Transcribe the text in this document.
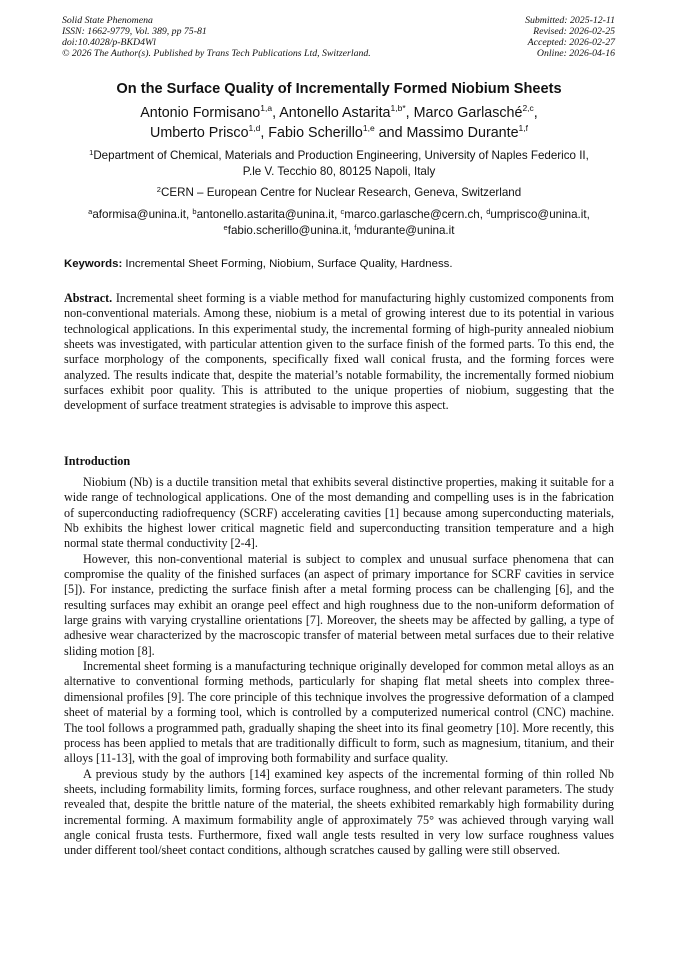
Solid State Phenomena
ISSN: 1662-9779, Vol. 389, pp 75-81
doi:10.4028/p-BKD4Wl
© 2026 The Author(s). Published by Trans Tech Publications Ltd, Switzerland.
Submitted: 2025-12-11
Revised: 2026-02-25
Accepted: 2026-02-27
Online: 2026-04-16
On the Surface Quality of Incrementally Formed Niobium Sheets
Antonio Formisano$^{1,a}$, Antonello Astarita$^{1,b*}$, Marco Garlasché$^{2,c}$,
Umberto Prisco$^{1,d}$, Fabio Scherillo$^{1,e}$ and Massimo Durante$^{1,f}$
$^1$Department of Chemical, Materials and Production Engineering, University of Naples Federico II,
P.le V. Tecchio 80, 80125 Napoli, Italy
$^2$CERN – European Centre for Nuclear Research, Geneva, Switzerland
$^a$aformisa@unina.it, $^b$antonello.astarita@unina.it, $^c$marco.garlasche@cern.ch, $^d$umprisco@unina.it,
$^e$fabio.scherillo@unina.it, $^f$mdurante@unina.it
Keywords: Incremental Sheet Forming, Niobium, Surface Quality, Hardness.
Abstract. Incremental sheet forming is a viable method for manufacturing highly customized components from non-conventional materials. Among these, niobium is a metal of growing interest due to its potential in various technological applications. In this experimental study, the incremental forming of high-purity annealed niobium sheets was investigated, with particular attention given to the surface finish of the formed parts. To this end, the surface morphology of the components, specifically fixed wall conical frusta, and the forming forces were analyzed. The results indicate that, despite the material’s notable formability, the incrementally formed niobium surfaces exhibit poor quality. This is attributed to the unique properties of niobium, suggesting that the development of surface treatment strategies is advisable to improve this aspect.
Introduction

Niobium (Nb) is a ductile transition metal that exhibits several distinctive properties, making it suitable for a wide range of technological applications. One of the most demanding and compelling uses is in the fabrication of superconducting radiofrequency (SCRF) accelerating cavities [1] because among superconducting materials, Nb exhibits the highest lower critical magnetic field and superconducting transition temperature and a high normal state thermal conductivity [2-4].

However, this non-conventional material is subject to complex and unusual surface phenomena that can compromise the quality of the finished surfaces (an aspect of primary importance for SCRF cavities in service [5]). For instance, predicting the surface finish after a metal forming process can be challenging [6], and the resulting surfaces may exhibit an orange peel effect and high roughness due to the non-uniform deformation of large grains with varying crystalline orientations [7]. Moreover, the sheets may be affected by galling, a type of adhesive wear characterized by the macroscopic transfer of material between metal surfaces due to their relative sliding motion [8].

Incremental sheet forming is a manufacturing technique originally developed for common metal alloys as an alternative to conventional forming methods, particularly for shaping flat metal sheets into complex three-dimensional profiles [9]. The core principle of this technique involves the progressive deformation of a clamped sheet of material by a forming tool, which is controlled by a computerized numerical control (CNC) machine. The tool follows a programmed path, gradually shaping the sheet into its final geometry [10]. More recently, this process has been applied to metals that are traditionally difficult to form, such as magnesium, titanium, and their alloys [11-13], with the goal of improving both formability and surface quality.

A previous study by the authors [14] examined key aspects of the incremental forming of thin rolled Nb sheets, including formability limits, forming forces, surface roughness, and other relevant parameters. The study revealed that, despite the brittle nature of the material, the sheets exhibited remarkably high formability during incremental forming. A maximum formability angle of approximately 75° was achieved through varying wall angle conical frusta tests. Furthermore, fixed wall angle tests resulted in very low surface roughness values under different tool/sheet contact conditions, although scratches caused by galling were still observed.
